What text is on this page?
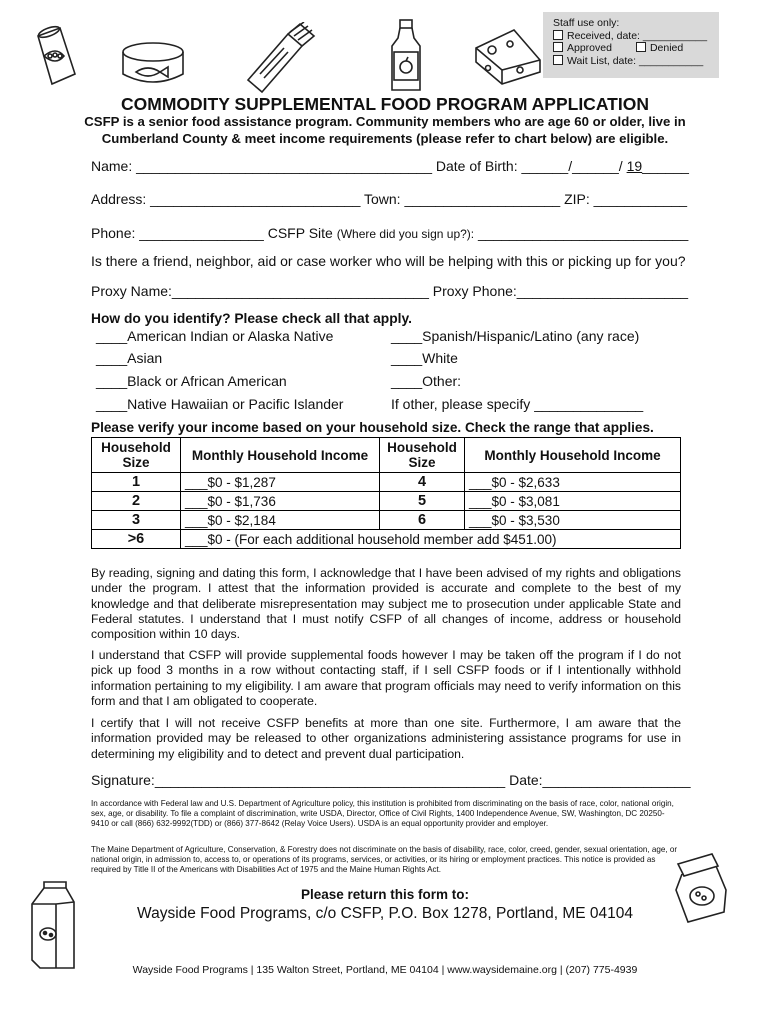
Staff use only:
Received, date: ___________
Approved	Denied
Wait List, date: ___________
COMMODITY SUPPLEMENTAL FOOD PROGRAM APPLICATION
CSFP is a senior food assistance program. Community members who are age 60 or older, live in Cumberland County & meet income requirements (please refer to chart below) are eligible.
Name: ______________________________________ Date of Birth: ______/______/ 19______
Address: ___________________________ Town: ____________________ ZIP: ____________
Phone: ________________ CSFP Site (Where did you sign up?): ___________________________
Is there a friend, neighbor, aid or case worker who will be helping with this or picking up for you?
Proxy Name:_________________________________ Proxy Phone:______________________
How do you identify? Please check all that apply.
____American Indian or Alaska Native
____Asian
____Black or African American
____Native Hawaiian or Pacific Islander
____Spanish/Hispanic/Latino (any race)
____White
____Other:
If other, please specify ______________
Please verify your income based on your household size. Check the range that applies.
Household Size	Monthly Household Income	Household Size	Monthly Household Income
1	___$0 - $1,287	4	___$0 - $2,633
2	___$0 - $1,736	5	___$0 - $3,081
3	___$0 - $2,184	6	___$0 - $3,530
>6	___$0 - (For each additional household member add $451.00)		
By reading, signing and dating this form, I acknowledge that I have been advised of my rights and obligations under the program. I attest that the information provided is accurate and complete to the best of my knowledge and that deliberate misrepresentation may subject me to prosecution under applicable State and Federal statutes. I understand that I must notify CSFP of all changes of income, address or household composition within 10 days.
I understand that CSFP will provide supplemental foods however I may be taken off the program if I do not pick up food 3 months in a row without contacting staff, if I sell CSFP foods or if I intentionally withhold information pertaining to my eligibility. I am aware that program officials may need to verify information on this form and that I am obligated to cooperate.
I certify that I will not receive CSFP benefits at more than one site. Furthermore, I am aware that the information provided may be released to other organizations administering assistance programs for use in determining my eligibility and to detect and prevent dual participation.
Signature:_____________________________________________ Date:___________________
In accordance with Federal law and U.S. Department of Agriculture policy, this institution is prohibited from discriminating on the basis of race, color, national origin, sex, age, or disability. To file a complaint of discrimination, write USDA, Director, Office of Civil Rights, 1400 Independence Avenue, SW, Washington, DC 20250-9410 or call (866) 632-9992(TDD) or (866) 377-8642 (Relay Voice Users). USDA is an equal opportunity provider and employer.
The Maine Department of Agriculture, Conservation, & Forestry does not discriminate on the basis of disability, race, color, creed, gender, sexual orientation, age, or national origin, in admission to, access to, or operations of its programs, services, or activities, or its hiring or employment practices. This notice is provided as required by Title II of the Americans with Disabilities Act of 1975 and the Maine Human Rights Act.
Please return this form to:
Wayside Food Programs, c/o CSFP, P.O. Box 1278, Portland, ME 04104
Wayside Food Programs | 135 Walton Street, Portland, ME 04104 | www.waysidemaine.org | (207) 775-4939
